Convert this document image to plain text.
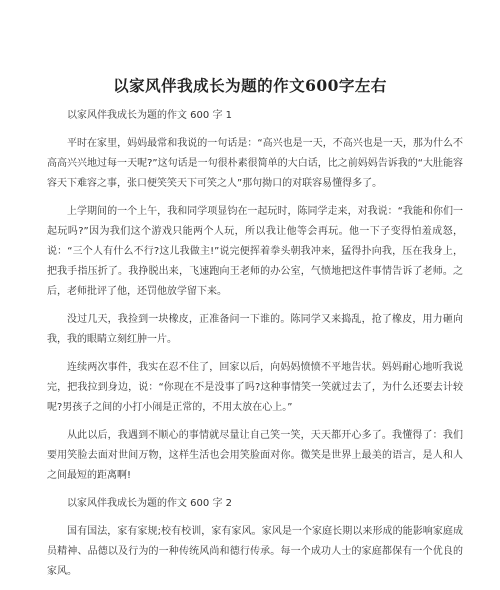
以家风伴我成长为题的作文600字左右
以家风伴我成长为题的作文 600 字 1

平时在家里，妈妈最常和我说的一句话是：“高兴也是一天，不高兴也是一天，那为什么不高高兴兴地过每一天呢?”这句话是一句很朴素很简单的大白话，比之前妈妈告诉我的“大肚能容容天下难容之事，张口便笑笑天下可笑之人”那句拗口的对联容易懂得多了。

上学期间的一个上午，我和同学项显钧在一起玩时，陈同学走来，对我说：“我能和你们一起玩吗?”因为我们这个游戏只能两个人玩，所以我让他等会再玩。他一下子变得怕羞成怒，说：“三个人有什么不行?这儿我做主!”说完便挥着拳头朝我冲来，猛得扑向我，压在我身上，把我手指压折了。我挣脱出来，飞速跑向王老师的办公室，气愤地把这件事情告诉了老师。之后，老师批评了他，还罚他放学留下来。

没过几天，我捡到一块橡皮，正准备问一下谁的。陈同学又来捣乱，抢了橡皮，用力砸向我，我的眼睛立刻红肿一片。

连续两次事件，我实在忍不住了，回家以后，向妈妈愤愤不平地告状。妈妈耐心地听我说完，把我拉到身边，说：“你现在不是没事了吗?这种事情笑一笑就过去了，为什么还要去计较呢?男孩子之间的小打小闹是正常的，不用太放在心上。”

从此以后，我遇到不顺心的事情就尽量让自己笑一笑，天天都开心多了。我懂得了：我们要用笑脸去面对世间万物，这样生活也会用笑脸面对你。微笑是世界上最美的语言，是人和人之间最短的距离啊!

以家风伴我成长为题的作文 600 字 2

国有国法，家有家规;校有校训，家有家风。家风是一个家庭长期以来形成的能影响家庭成员精神、品德以及行为的一种传统风尚和德行传承。每一个成功人士的家庭都保有一个优良的家风。
